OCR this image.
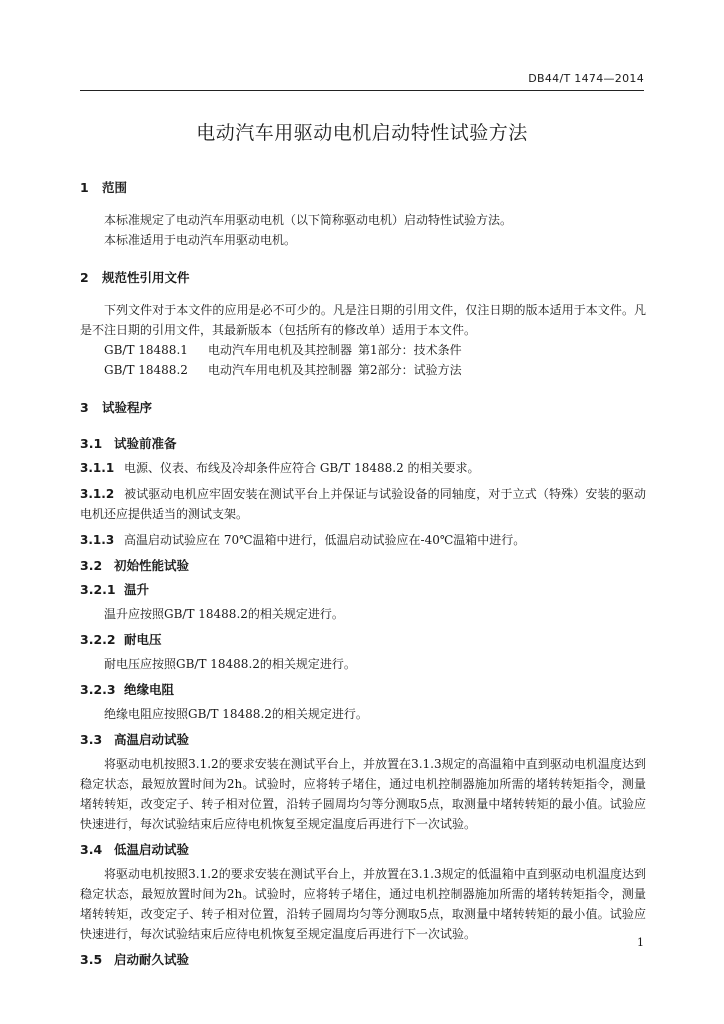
DB44/T 1474—2014
电动汽车用驱动电机启动特性试验方法
1 范围

本标准规定了电动汽车用驱动电机（以下简称驱动电机）启动特性试验方法。

本标准适用于电动汽车用驱动电机。

2 规范性引用文件

下列文件对于本文件的应用是必不可少的。凡是注日期的引用文件，仅注日期的版本适用于本文件。凡是不注日期的引用文件，其最新版本（包括所有的修改单）适用于本文件。

GB/T 18488.1 电动汽车用电机及其控制器 第1部分：技术条件
GB/T 18488.2 电动汽车用电机及其控制器 第2部分：试验方法
3 试验程序
3.1 试验前准备

3.1.1 电源、仪表、布线及冷却条件应符合 GB/T 18488.2 的相关要求。

3.1.2 被试驱动电机应牢固安装在测试平台上并保证与试验设备的同轴度，对于立式（特殊）安装的驱动电机还应提供适当的测试支架。

3.1.3 高温启动试验应在 70℃温箱中进行，低温启动试验应在-40℃温箱中进行。

3.2 初始性能试验
3.2.1 温升

温升应按照GB/T 18488.2的相关规定进行。

3.2.2 耐电压

耐电压应按照GB/T 18488.2的相关规定进行。

3.2.3 绝缘电阻

绝缘电阻应按照GB/T 18488.2的相关规定进行。

3.3 高温启动试验

将驱动电机按照3.1.2的要求安装在测试平台上，并放置在3.1.3规定的高温箱中直到驱动电机温度达到稳定状态，最短放置时间为2h。试验时，应将转子堵住，通过电机控制器施加所需的堵转转矩指令，测量堵转转矩，改变定子、转子相对位置，沿转子圆周均匀等分测取5点，取测量中堵转转矩的最小值。试验应快速进行，每次试验结束后应待电机恢复至规定温度后再进行下一次试验。

3.4 低温启动试验

将驱动电机按照3.1.2的要求安装在测试平台上，并放置在3.1.3规定的低温箱中直到驱动电机温度达到稳定状态，最短放置时间为2h。试验时，应将转子堵住，通过电机控制器施加所需的堵转转矩指令，测量堵转转矩，改变定子、转子相对位置，沿转子圆周均匀等分测取5点，取测量中堵转转矩的最小值。试验应快速进行，每次试验结束后应待电机恢复至规定温度后再进行下一次试验。

3.5 启动耐久试验
1
